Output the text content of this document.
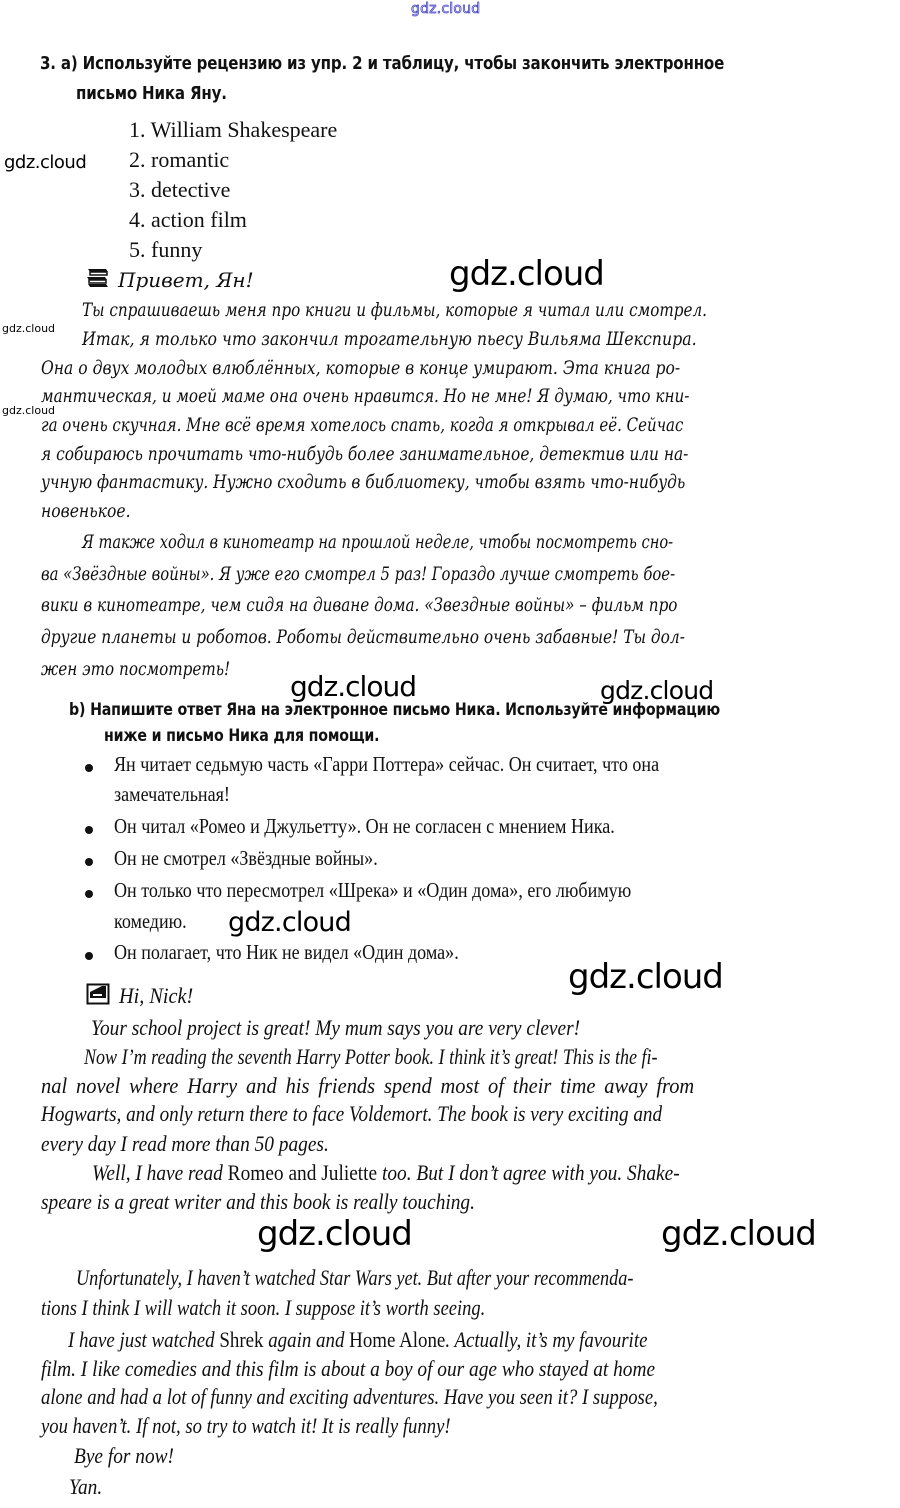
gdz.cloud
3. a) Используйте рецензию из упр. 2 и таблицу, чтобы закончить электронное
письмо Ника Яну.
1. William Shakespeare
2. romantic
3. detective
4. action film
5. funny
Привет, Ян!
Ты спрашиваешь меня про книги и фильмы, которые я читал или смотрел.
Итак, я только что закончил трогательную пьесу Вильяма Шекспира.
Она о двух молодых влюблённых, которые в конце умирают. Эта книга ро-
мантическая, и моей маме она очень нравится. Но не мне! Я думаю, что кни-
га очень скучная. Мне всё время хотелось спать, когда я открывал её. Сейчас
я собираюсь прочитать что-нибудь более занимательное, детектив или на-
учную фантастику. Нужно сходить в библиотеку, чтобы взять что-нибудь
новенькое.
Я также ходил в кинотеатр на прошлой неделе, чтобы посмотреть сно-
ва «Звёздные войны». Я уже его смотрел 5 раз! Гораздо лучше смотреть бое-
вики в кинотеатре, чем сидя на диване дома. «Звездные войны» – фильм про
другие планеты и роботов. Роботы действительно очень забавные! Ты дол-
жен это посмотреть!
b) Напишите ответ Яна на электронное письмо Ника. Используйте информацию
ниже и письмо Ника для помощи.
Ян читает седьмую часть «Гарри Поттера» сейчас. Он считает, что она
замечательная!
Он читал «Ромео и Джульетту». Он не согласен с мнением Ника.
Он не смотрел «Звёздные войны».
Он только что пересмотрел «Шрека» и «Один дома», его любимую
комедию.
Он полагает, что Ник не видел «Один дома».
Hi, Nick!
Your school project is great! My mum says you are very clever!
Now I’m reading the seventh Harry Potter book. I think it’s great! This is the fi-
nal novel where Harry and his friends spend most of their time away from
Hogwarts, and only return there to face Voldemort. The book is very exciting and
every day I read more than 50 pages.
Well, I have read Romeo and Juliette too. But I don’t agree with you. Shake-
speare is a great writer and this book is really touching.
Unfortunately, I haven’t watched Star Wars yet. But after your recommenda-
tions I think I will watch it soon. I suppose it’s worth seeing.
I have just watched Shrek again and Home Alone. Actually, it’s my favourite
film. I like comedies and this film is about a boy of our age who stayed at home
alone and had a lot of funny and exciting adventures. Have you seen it? I suppose,
you haven’t. If not, so try to watch it! It is really funny!
Bye for now!
Yan.
gdz.cloud
gdz.cloud
gdz.cloud
gdz.cloud
gdz.cloud
gdz.cloud
gdz.cloud
gdz.cloud
gdz.cloud	gdz.cloud
